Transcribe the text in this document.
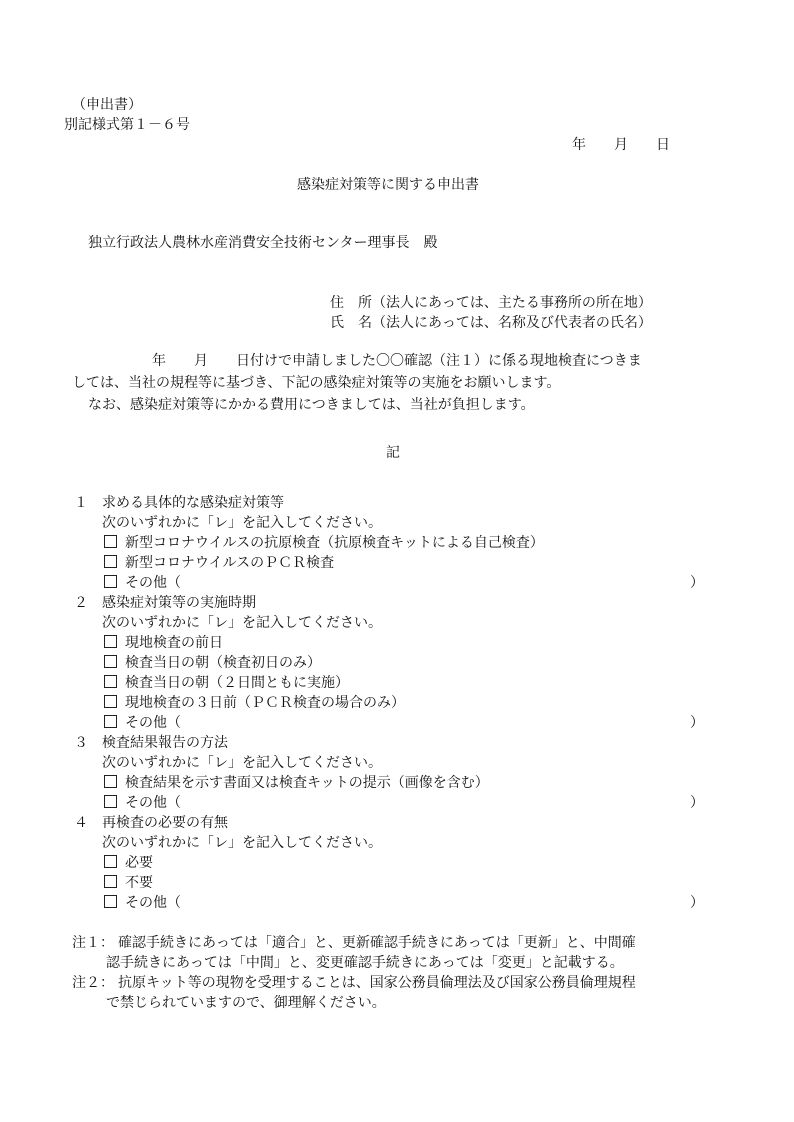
（申出書）
別記様式第１－６号
年　　月　　日
感染症対策等に関する申出書
独立行政法人農林水産消費安全技術センター理事長　殿
住　所（法人にあっては、主たる事務所の所在地）
氏　名（法人にあっては、名称及び代表者の氏名）
年　　月　　日付けで申請しました〇〇確認（注１）に係る現地検査につきま
しては、当社の規程等に基づき、下記の感染症対策等の実施をお願いします。
なお、感染症対策等にかかる費用につきましては、当社が負担します。
記
１ 求める具体的な感染症対策等
次のいずれかに「レ」を記入してください。
新型コロナウイルスの抗原検査（抗原検査キットによる自己検査）
新型コロナウイルスのＰＣＲ検査
その他（	）
２ 感染症対策等の実施時期
次のいずれかに「レ」を記入してください。
現地検査の前日
検査当日の朝（検査初日のみ）
検査当日の朝（２日間ともに実施）
現地検査の３日前（ＰＣＲ検査の場合のみ）
その他（	）
３ 検査結果報告の方法
次のいずれかに「レ」を記入してください。
検査結果を示す書面又は検査キットの提示（画像を含む）
その他（	）
４ 再検査の必要の有無
次のいずれかに「レ」を記入してください。
必要
不要
その他（	）
注１： 確認手続きにあっては「適合」と、更新確認手続きにあっては「更新」と、中間確
認手続きにあっては「中間」と、変更確認手続きにあっては「変更」と記載する。
注２： 抗原キット等の現物を受理することは、国家公務員倫理法及び国家公務員倫理規程
で禁じられていますので、御理解ください。
